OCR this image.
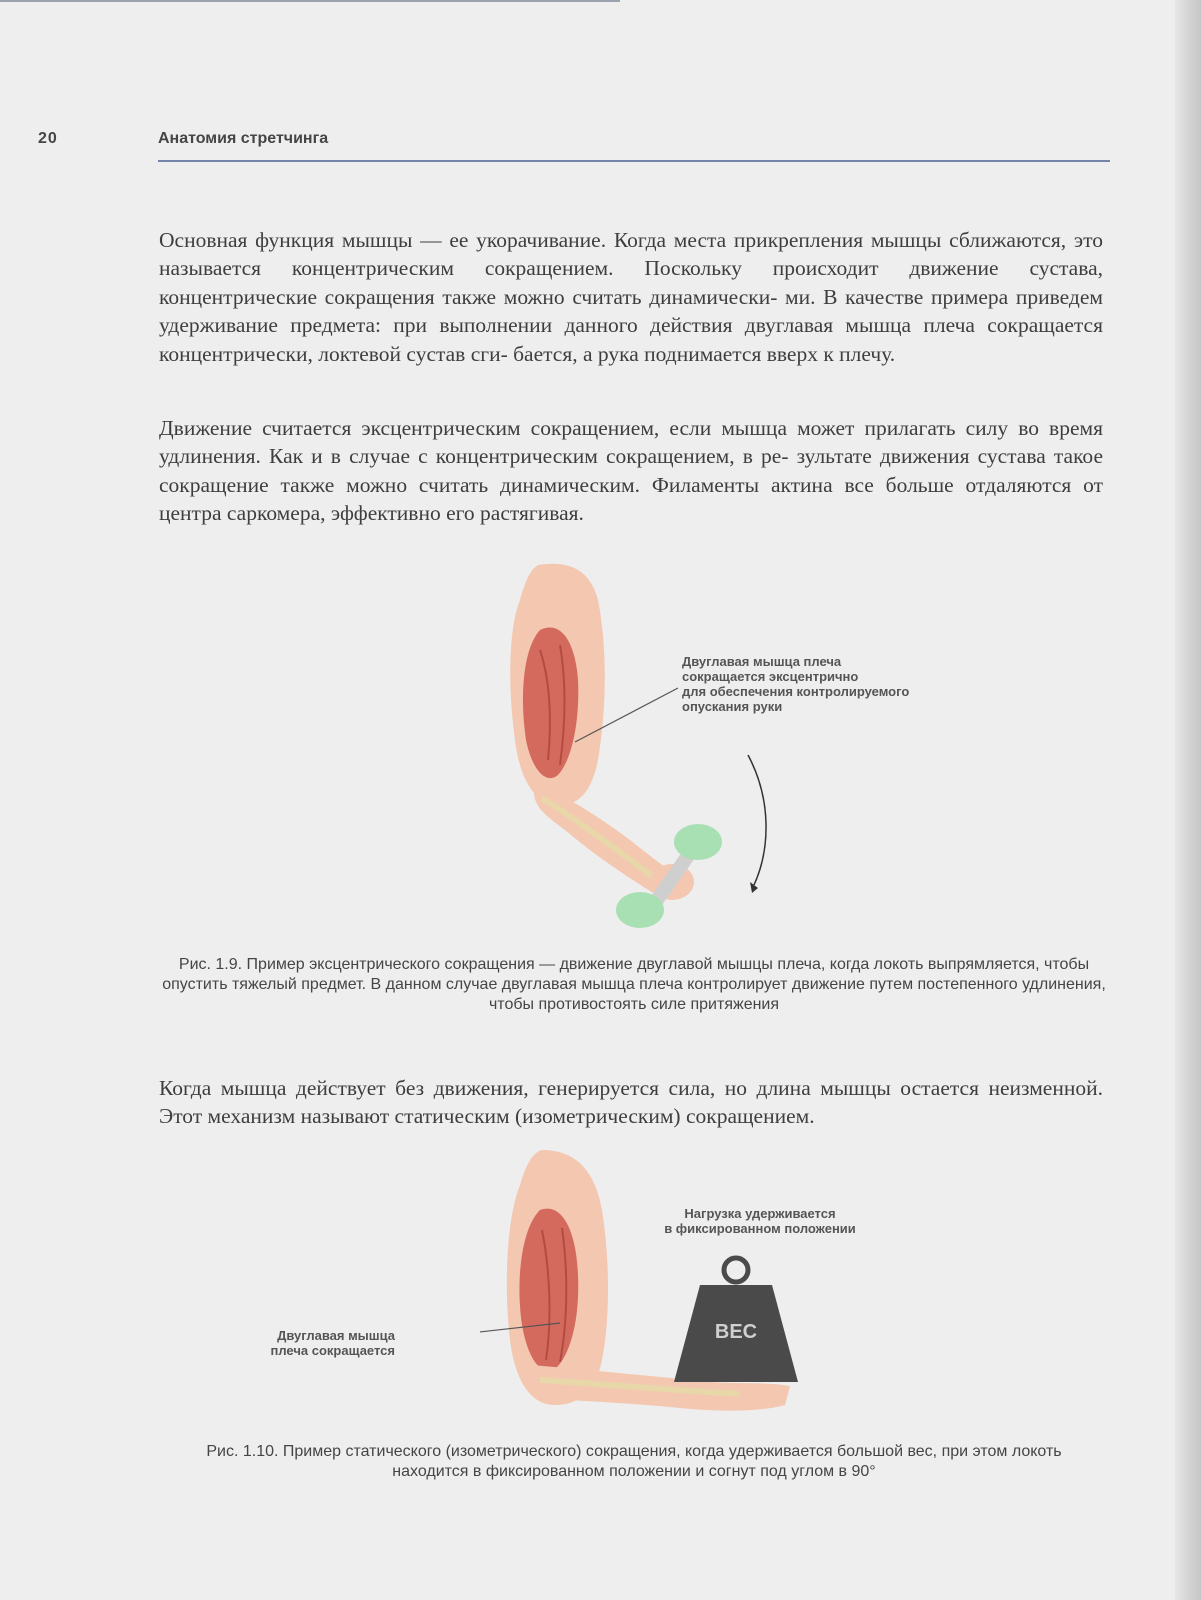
20	Анатомия стретчинга

Основная функция мышцы — ее укорачивание. Когда места прикрепления мышцы сближаются, это называется концентрическим сокращением. Поскольку происходит движение сустава, концентрические сокращения также можно считать динамически- ми. В качестве примера приведем удерживание предмета: при выполнении данного действия двуглавая мышца плеча сокращается концентрически, локтевой сустав сги- бается, а рука поднимается вверх к плечу.

Движение считается эксцентрическим сокращением, если мышца может прилагать силу во время удлинения. Как и в случае с концентрическим сокращением, в ре- зультате движения сустава такое сокращение также можно считать динамическим. Филаменты актина все больше отдаляются от центра саркомера, эффективно его растягивая.

Двуглавая мышца плеча
сокращается эксцентрично
для обеспечения контролируемого
опускания руки

Рис. 1.9. Пример эксцентрического сокращения — движение двуглавой мышцы плеча, когда локоть выпрямляется, чтобы опустить тяжелый предмет. В данном случае двуглавая мышца плеча контролирует движение путем постепенного удлинения, чтобы противостоять силе притяжения

Когда мышца действует без движения, генерируется сила, но длина мышцы остается неизменной. Этот механизм называют статическим (изометрическим) сокращением.

ВЕС
Нагрузка удерживается
в фиксированном положении
Двуглавая мышца
плеча сокращается

Рис. 1.10. Пример статического (изометрического) сокращения, когда удерживается большой вес, при этом локоть находится в фиксированном положении и согнут под углом в 90°
